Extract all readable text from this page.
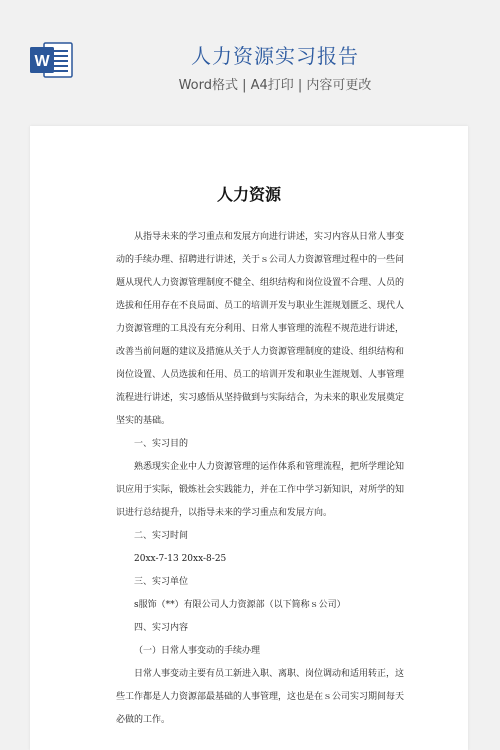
W	人力资源实习报告
Word格式 | A4打印 | 内容可更改
人力资源

从指导未来的学习重点和发展方向进行讲述，实习内容从日常人事变动的手续办理、招聘进行讲述，关于ｓ公司人力资源管理过程中的一些问题从现代人力资源管理制度不健全、组织结构和岗位设置不合理、人员的选拔和任用存在不良局面、员工的培训开发与职业生涯规划匮乏、现代人力资源管理的工具没有充分利用、日常人事管理的流程不规范进行讲述，改善当前问题的建议及措施从关于人力资源管理制度的建设、组织结构和岗位设置、人员选拔和任用、员工的培训开发和职业生涯规划、人事管理流程进行讲述，实习感悟从坚持做到与实际结合，为未来的职业发展奠定坚实的基础。

一、实习目的

熟悉现实企业中人力资源管理的运作体系和管理流程，把所学理论知识应用于实际，锻炼社会实践能力，并在工作中学习新知识，对所学的知识进行总结提升，以指导未来的学习重点和发展方向。

二、实习时间

20xx-7-13 20xx-8-25

三、实习单位

s服饰（**）有限公司人力资源部（以下简称ｓ公司）

四、实习内容

（一）日常人事变动的手续办理

日常人事变动主要有员工新进入职、离职、岗位调动和适用转正，这些工作都是人力资源部最基础的人事管理，这也是在ｓ公司实习期间每天必做的工作。
